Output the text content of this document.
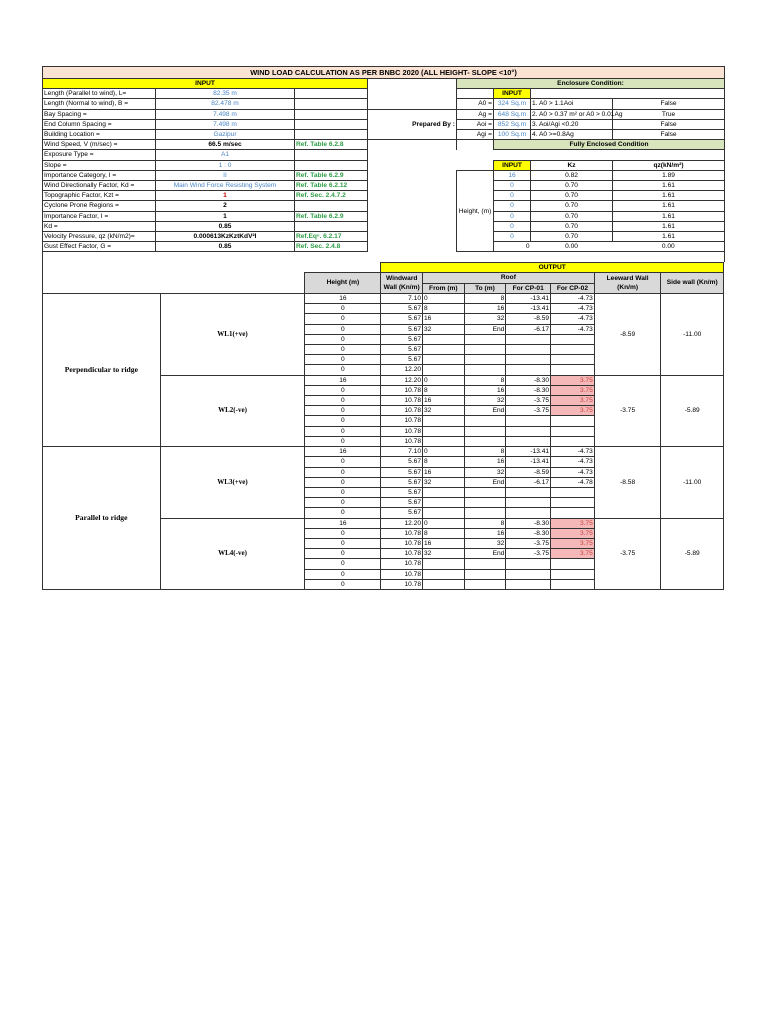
WIND LOAD CALCULATION AS PER BNBC 2020 (ALL HEIGHT- SLOPE <10°)							
INPUT				Enclosure Condition:			
Length (Parallel to wind), L=	82.35 m				INPUT		
Length (Normal to wind), B =	82.478 m			A0 =	324 Sq.m	1. A0 > 1.1Aoi	False
Bay Spacing =	7.498 m		Prepared By :	Ag =	648 Sq.m	2. A0 > 0.37 m² or A0 > 0.01Ag	True
End Column Spacing =	7.498 m			Aoi =	852 Sq.m	3. Aoi/Agi <0.20	False
Building Location =	Gazipur			Agi =	100 Sq.m	4. A0 >=0.8Ag	False
Wind Speed, V (m/sec) =	66.5 m/sec	Ref. Table 6.2.8			Fully Enclosed Condition		
Exposure Type =	A1						
Slope =	1 : 0				INPUT	Kz	qz(kN/m²)
Importance Category, I =	II	Ref. Table 6.2.9		Height, (m)	16	0.82	1.89
Wind Directionally Factor, Kd =	Main Wind Force Resisting System	Ref. Table 6.2.12			0	0.70	1.61
Topographic Factor, Kzt =	1	Ref. Sec. 2.4.7.2			0	0.70	1.61
Cyclone Prone Regions =	2				0	0.70	1.61
Importance Factor, I =	1	Ref. Table 6.2.9			0	0.70	1.61
Kd =	0.85				0	0.70	1.61
Velocity Pressure, qz (kN/m2)=	0.000613KzKztKdV²I	Ref.Eqⁿ. 6.2.17			0	0.70	1.61
Gust Effect Factor, G =	0.85	Ref. Sec. 2.4.8			0	0.00	0.00

			OUTPUT						
		Height (m)	Windward Wall (Kn/m)	Roof				Leeward Wall (Kn/m)	Side wall (Kn/m)
				From (m)	To (m)	For CP-01	For CP-02		
Perpendicular to ridge	WL1(+ve)	16	7.10	0	8	-13.41	-4.73	-8.59	-11.00
		0	5.67	8	16	-13.41	-4.73		
		0	5.67	16	32	-8.59	-4.73		
		0	5.67	32	End	-6.17	-4.73		
		0	5.67						
		0	5.67						
		0	5.67						
		0	12.20						
	WL2(-ve)	16	12.20	0	8	-8.30	3.75	-3.75	-5.89
		0	10.78	8	16	-8.30	3.75		
		0	10.78	16	32	-3.75	3.75		
		0	10.78	32	End	-3.75	3.75		
		0	10.78						
		0	10.78						
		0	10.78						
Parallel to ridge	WL3(+ve)	16	7.10	0	8	-13.41	-4.73	-8.58	-11.00
		0	5.67	8	16	-13.41	-4.73		
		0	5.67	16	32	-8.59	-4.73		
		0	5.67	32	End	-6.17	-4.78		
		0	5.67						
		0	5.67						
		0	5.67						
	WL4(-ve)	16	12.20	0	8	-8.30	3.75	-3.75	-5.89
		0	10.78	8	16	-8.30	3.75		
		0	10.78	16	32	-3.75	3.75		
		0	10.78	32	End	-3.75	3.75		
		0	10.78						
		0	10.78						
		0	10.78						
